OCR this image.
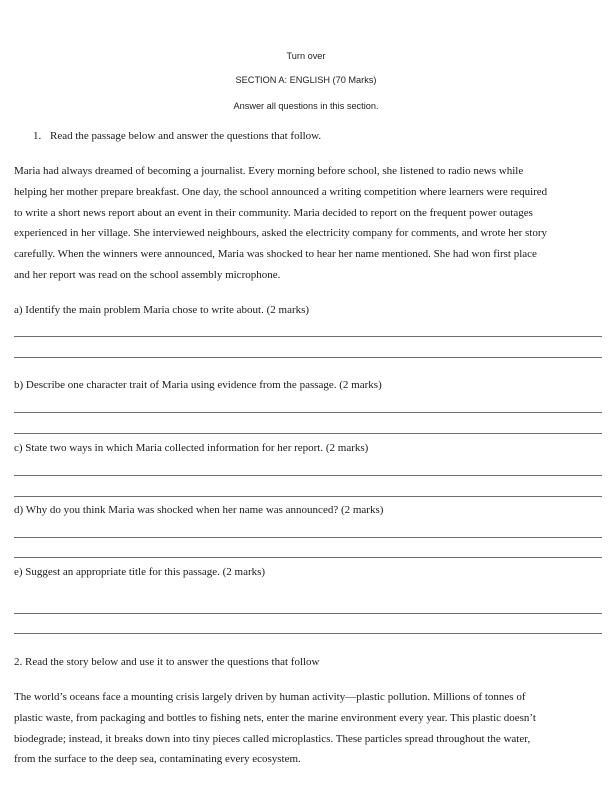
Turn over
SECTION A: ENGLISH (70 Marks)
Answer all questions in this section.
1. Read the passage below and answer the questions that follow.
Maria had always dreamed of becoming a journalist. Every morning before school, she listened to radio news while
helping her mother prepare breakfast. One day, the school announced a writing competition where learners were required
to write a short news report about an event in their community. Maria decided to report on the frequent power outages
experienced in her village. She interviewed neighbours, asked the electricity company for comments, and wrote her story
carefully. When the winners were announced, Maria was shocked to hear her name mentioned. She had won first place
and her report was read on the school assembly microphone.
a) Identify the main problem Maria chose to write about. (2 marks)
b) Describe one character trait of Maria using evidence from the passage. (2 marks)
c) State two ways in which Maria collected information for her report. (2 marks)
d) Why do you think Maria was shocked when her name was announced? (2 marks)
e) Suggest an appropriate title for this passage. (2 marks)
2. Read the story below and use it to answer the questions that follow
The world’s oceans face a mounting crisis largely driven by human activity—plastic pollution. Millions of tonnes of
plastic waste, from packaging and bottles to fishing nets, enter the marine environment every year. This plastic doesn’t
biodegrade; instead, it breaks down into tiny pieces called microplastics. These particles spread throughout the water,
from the surface to the deep sea, contaminating every ecosystem.
